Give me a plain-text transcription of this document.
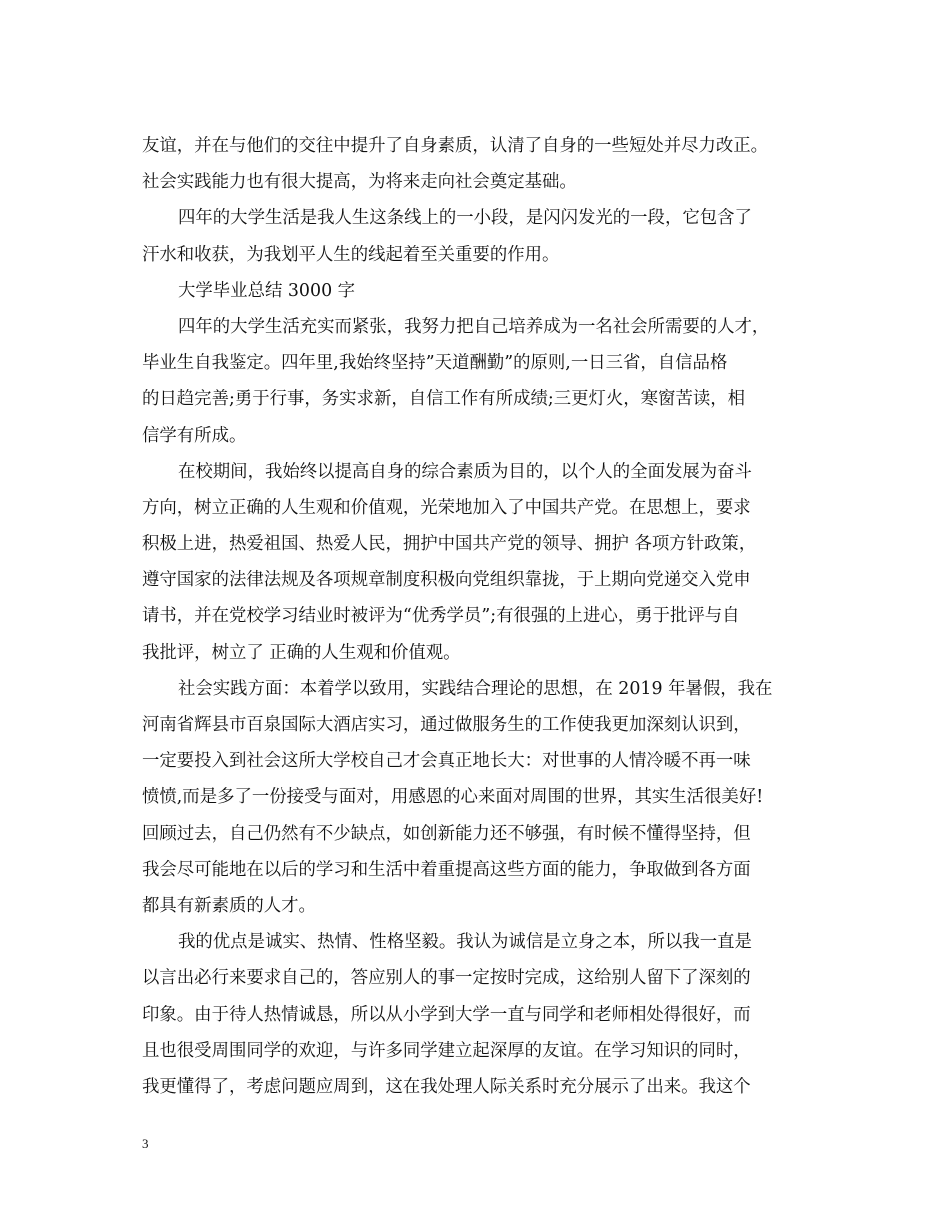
友谊，并在与他们的交往中提升了自身素质，认清了自身的一些短处并尽力改正。
社会实践能力也有很大提高，为将来走向社会奠定基础。
四年的大学生活是我人生这条线上的一小段，是闪闪发光的一段，它包含了
汗水和收获，为我划平人生的线起着至关重要的作用。
大学毕业总结 3000 字
四年的大学生活充实而紧张，我努力把自己培养成为一名社会所需要的人才，
毕业生自我鉴定。四年里,我始终坚持”天道酬勤”的原则,一日三省，自信品格
的日趋完善;勇于行事，务实求新，自信工作有所成绩;三更灯火，寒窗苦读，相
信学有所成。
在校期间，我始终以提高自身的综合素质为目的，以个人的全面发展为奋斗
方向，树立正确的人生观和价值观，光荣地加入了中国共产党。在思想上，要求
积极上进，热爱祖国、热爱人民，拥护中国共产党的领导、拥护 各项方针政策，
遵守国家的法律法规及各项规章制度积极向党组织靠拢，于上期向党递交入党申
请书，并在党校学习结业时被评为“优秀学员”;有很强的上进心，勇于批评与自
我批评，树立了 正确的人生观和价值观。
社会实践方面：本着学以致用，实践结合理论的思想，在 2019 年暑假，我在
河南省辉县市百泉国际大酒店实习，通过做服务生的工作使我更加深刻认识到，
一定要投入到社会这所大学校自己才会真正地长大：对世事的人情冷暖不再一味
愤愤,而是多了一份接受与面对，用感恩的心来面对周围的世界，其实生活很美好!
回顾过去，自己仍然有不少缺点，如创新能力还不够强，有时候不懂得坚持，但
我会尽可能地在以后的学习和生活中着重提高这些方面的能力，争取做到各方面
都具有新素质的人才。
我的优点是诚实、热情、性格坚毅。我认为诚信是立身之本，所以我一直是
以言出必行来要求自己的，答应别人的事一定按时完成，这给别人留下了深刻的
印象。由于待人热情诚恳，所以从小学到大学一直与同学和老师相处得很好，而
且也很受周围同学的欢迎，与许多同学建立起深厚的友谊。在学习知识的同时，
我更懂得了，考虑问题应周到，这在我处理人际关系时充分展示了出来。我这个
3
